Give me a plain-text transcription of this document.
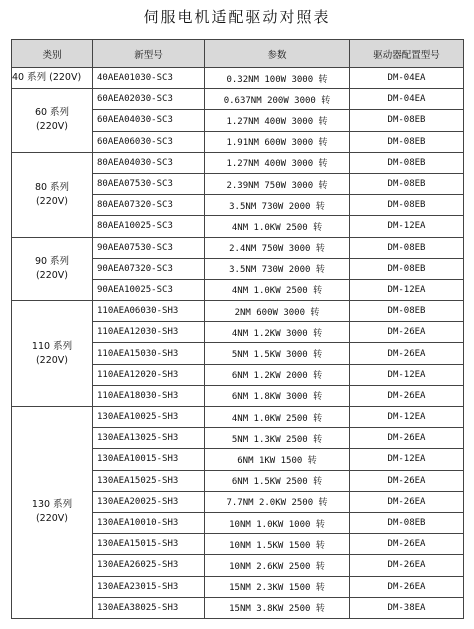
伺服电机适配驱动对照表
类别	新型号	参数	驱动器配置型号
40 系列 (220V)	40AEA01030-SC3	0.32NM 100W 3000 转	DM-04EA
60 系列 (220V)	60AEA02030-SC3	0.637NM 200W 3000 转	DM-04EA
	60AEA04030-SC3	1.27NM 400W 3000 转	DM-08EB
	60AEA06030-SC3	1.91NM 600W 3000 转	DM-08EB
80 系列 (220V)	80AEA04030-SC3	1.27NM 400W 3000 转	DM-08EB
	80AEA07530-SC3	2.39NM 750W 3000 转	DM-08EB
	80AEA07320-SC3	3.5NM 730W 2000 转	DM-08EB
	80AEA10025-SC3	4NM 1.0KW 2500 转	DM-12EA
90 系列 (220V)	90AEA07530-SC3	2.4NM 750W 3000 转	DM-08EB
	90AEA07320-SC3	3.5NM 730W 2000 转	DM-08EB
	90AEA10025-SC3	4NM 1.0KW 2500 转	DM-12EA
110 系列 (220V)	110AEA06030-SH3	2NM 600W 3000 转	DM-08EB
	110AEA12030-SH3	4NM 1.2KW 3000 转	DM-26EA
	110AEA15030-SH3	5NM 1.5KW 3000 转	DM-26EA
	110AEA12020-SH3	6NM 1.2KW 2000 转	DM-12EA
	110AEA18030-SH3	6NM 1.8KW 3000 转	DM-26EA
130 系列 (220V)	130AEA10025-SH3	4NM 1.0KW 2500 转	DM-12EA
	130AEA13025-SH3	5NM 1.3KW 2500 转	DM-26EA
	130AEA10015-SH3	6NM 1KW 1500 转	DM-12EA
	130AEA15025-SH3	6NM 1.5KW 2500 转	DM-26EA
	130AEA20025-SH3	7.7NM 2.0KW 2500 转	DM-26EA
	130AEA10010-SH3	10NM 1.0KW 1000 转	DM-08EB
	130AEA15015-SH3	10NM 1.5KW 1500 转	DM-26EA
	130AEA26025-SH3	10NM 2.6KW 2500 转	DM-26EA
	130AEA23015-SH3	15NM 2.3KW 1500 转	DM-26EA
	130AEA38025-SH3	15NM 3.8KW 2500 转	DM-38EA
